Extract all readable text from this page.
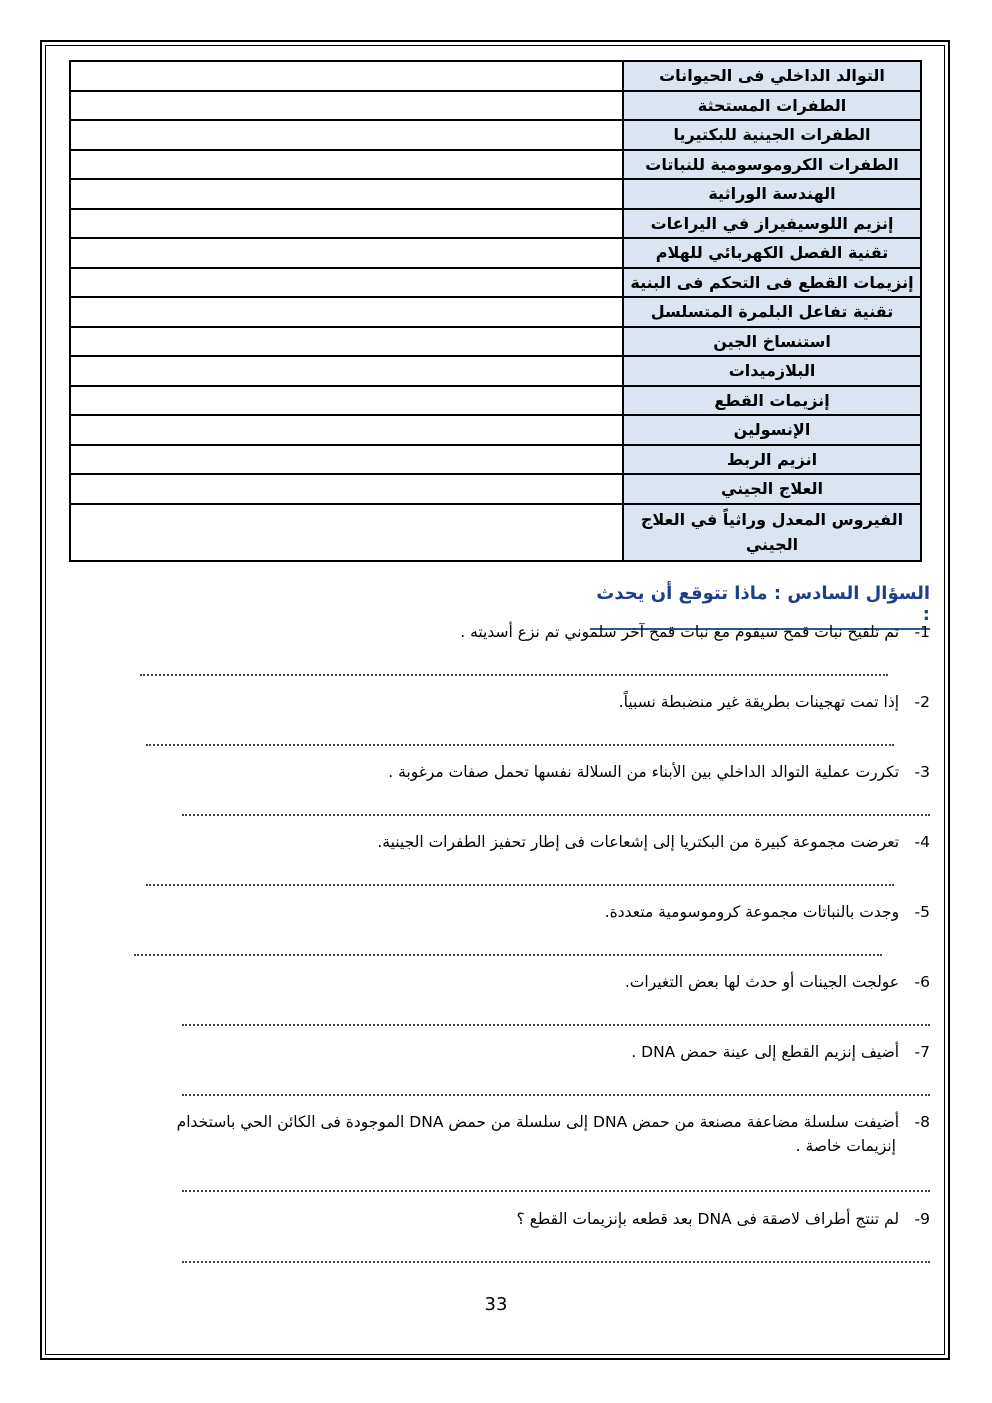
التوالد الداخلي فى الحيوانات	
الطفرات المستحثة	
الطفرات الجينية للبكتيريا	
الطفرات الكروموسومية للنباتات	
الهندسة الوراثية	
إنزيم اللوسيفيراز في اليراعات	
تقنية الفصل الكهربائي للهلام	
إنزيمات القطع فى التحكم فى البنية	
تقنية تفاعل البلمرة المتسلسل	
استنساخ الجين	
البلازميدات	
إنزيمات القطع	
الإنسولين	
انزيم الربط	
العلاج الجيني	
الفيروس المعدل وراثياً في العلاج الجيني	
السؤال السادس : ماذا تتوقع أن يحدث :
1- تم تلقيح نبات قمح سيفوم مع نبات قمح آخر سلموني تم نزع أسديته .
2- إذا تمت تهجينات بطريقة غير منضبطة نسبياً.
3- تكررت عملية التوالد الداخلي بين الأبناء من السلالة نفسها تحمل صفات مرغوبة .
4- تعرضت مجموعة كبيرة من البكتريا إلى إشعاعات فى إطار تحفيز الطفرات الجينية.
5- وجدت بالنباتات مجموعة كروموسومية متعددة.
6- عولجت الجينات أو حدث لها بعض التغيرات.
7- أضيف إنزيم القطع إلى عينة حمض DNA .
8- أضيفت سلسلة مضاعفة مصنعة من حمض DNA إلى سلسلة من حمض DNA الموجودة فى الكائن الحي باستخدام
إنزيمات خاصة .
9- لم تنتج أطراف لاصقة فى DNA بعد قطعه بإنزيمات القطع ؟
33
